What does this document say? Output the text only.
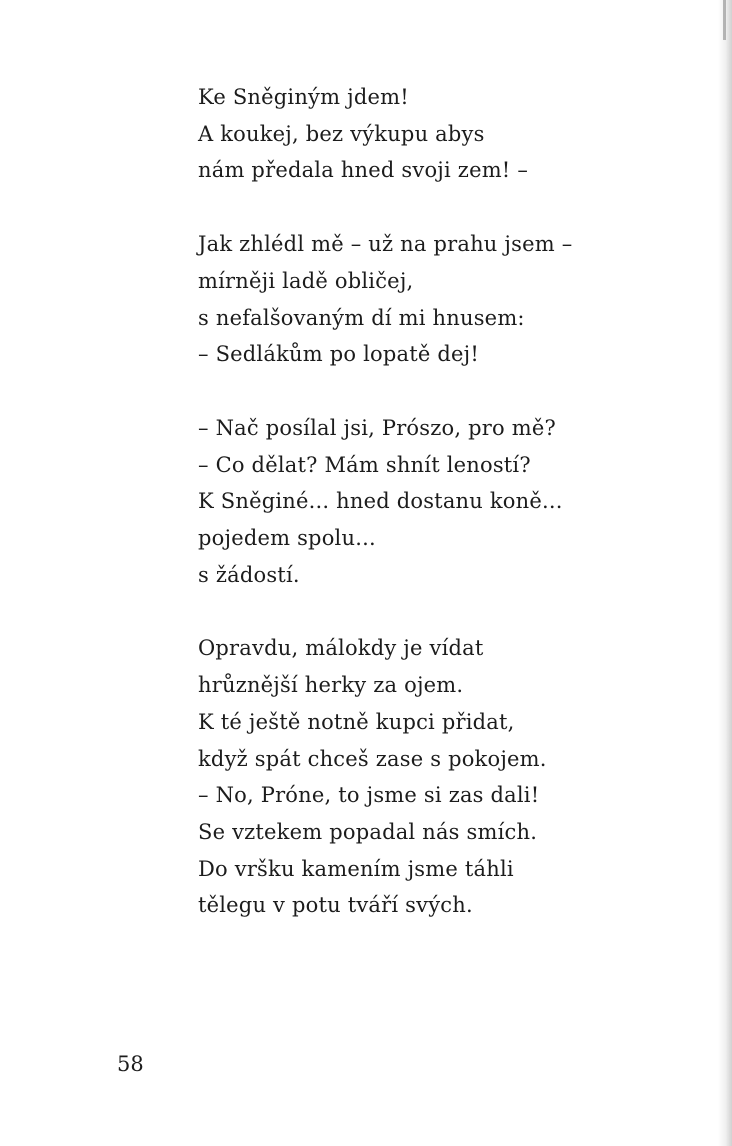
Ke Sněginým jdem!
A koukej, bez výkupu abys
nám předala hned svoji zem! –
Jak zhlédl mě – už na prahu jsem –
mírněji ladě obličej,
s nefalšovaným dí mi hnusem:
– Sedlákům po lopatě dej!
– Nač posílal jsi, Prószo, pro mě?
– Co dělat? Mám shnít leností?
K Sněginé... hned dostanu koně...
pojedem spolu...
s žádostí.
Opravdu, málokdy je vídat
hrůznější herky za ojem.
K té ještě notně kupci přidat,
když spát chceš zase s pokojem.
– No, Próne, to jsme si zas dali!
Se vztekem popadal nás smích.
Do vršku kamením jsme táhli
tělegu v potu tváří svých.
58
